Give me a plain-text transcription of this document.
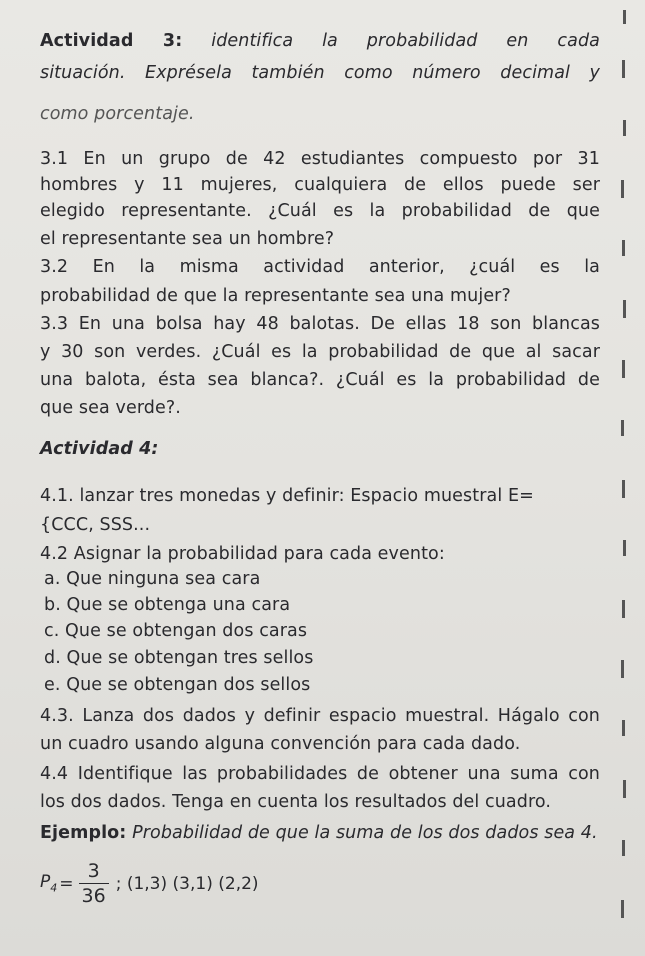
Actividad 3: identifica la probabilidad en cada
situación. Exprésela también como número decimal y
como porcentaje.
3.1 En un grupo de 42 estudiantes compuesto por 31
hombres y 11 mujeres, cualquiera de ellos puede ser
elegido representante. ¿Cuál es la probabilidad de que
el representante sea un hombre?
3.2 En la misma actividad anterior, ¿cuál es la
probabilidad de que la representante sea una mujer?
3.3 En una bolsa hay 48 balotas. De ellas 18 son blancas
y 30 son verdes. ¿Cuál es la probabilidad de que al sacar
una balota, ésta sea blanca?. ¿Cuál es la probabilidad de
que sea verde?.
Actividad 4:
4.1. lanzar tres monedas y definir: Espacio muestral E=
{CCC, SSS...
4.2 Asignar la probabilidad para cada evento:
a. Que ninguna sea cara
b. Que se obtenga una cara
c. Que se obtengan dos caras
d. Que se obtengan tres sellos
e. Que se obtengan dos sellos
4.3. Lanza dos dados y definir espacio muestral. Hágalo con
un cuadro usando alguna convención para cada dado.
4.4 Identifique las probabilidades de obtener una suma con
los dos dados. Tenga en cuenta los resultados del cuadro.
Ejemplo: Probabilidad de que la suma de los dos dados sea 4.
$P_4 = \frac{3}{36}$ ; (1,3) (3,1) (2,2)
